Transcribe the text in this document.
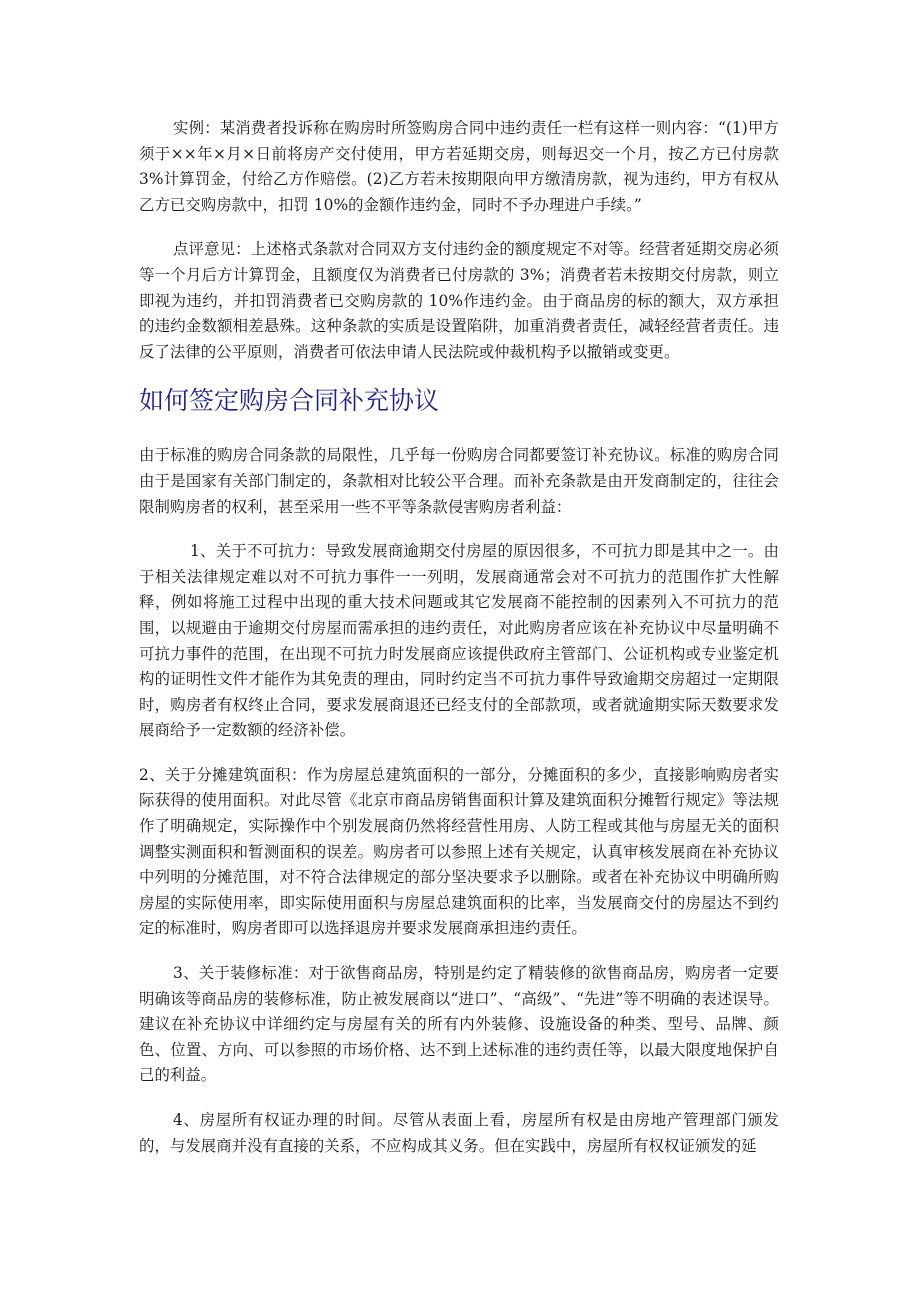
实例：某消费者投诉称在购房时所签购房合同中违约责任一栏有这样一则内容：“(1)甲方须于××年×月×日前将房产交付使用，甲方若延期交房，则每迟交一个月，按乙方已付房款 3%计算罚金，付给乙方作赔偿。(2)乙方若未按期限向甲方缴清房款，视为违约，甲方有权从乙方已交购房款中，扣罚 10%的金额作违约金，同时不予办理进户手续。”

点评意见：上述格式条款对合同双方支付违约金的额度规定不对等。经营者延期交房必须等一个月后方计算罚金，且额度仅为消费者已付房款的 3%；消费者若未按期交付房款，则立即视为违约，并扣罚消费者已交购房款的 10%作违约金。由于商品房的标的额大，双方承担的违约金数额相差悬殊。这种条款的实质是设置陷阱，加重消费者责任，减轻经营者责任。违反了法律的公平原则，消费者可依法申请人民法院或仲裁机构予以撤销或变更。

如何签定购房合同补充协议

由于标准的购房合同条款的局限性，几乎每一份购房合同都要签订补充协议。标准的购房合同由于是国家有关部门制定的，条款相对比较公平合理。而补充条款是由开发商制定的，往往会限制购房者的权利，甚至采用一些不平等条款侵害购房者利益：

1、关于不可抗力：导致发展商逾期交付房屋的原因很多，不可抗力即是其中之一。由于相关法律规定难以对不可抗力事件一一列明，发展商通常会对不可抗力的范围作扩大性解释，例如将施工过程中出现的重大技术问题或其它发展商不能控制的因素列入不可抗力的范围，以规避由于逾期交付房屋而需承担的违约责任，对此购房者应该在补充协议中尽量明确不可抗力事件的范围，在出现不可抗力时发展商应该提供政府主管部门、公证机构或专业鉴定机构的证明性文件才能作为其免责的理由，同时约定当不可抗力事件导致逾期交房超过一定期限时，购房者有权终止合同，要求发展商退还已经支付的全部款项，或者就逾期实际天数要求发展商给予一定数额的经济补偿。

2、关于分摊建筑面积：作为房屋总建筑面积的一部分，分摊面积的多少，直接影响购房者实际获得的使用面积。对此尽管《北京市商品房销售面积计算及建筑面积分摊暂行规定》等法规作了明确规定，实际操作中个别发展商仍然将经营性用房、人防工程或其他与房屋无关的面积调整实测面积和暂测面积的误差。购房者可以参照上述有关规定，认真审核发展商在补充协议中列明的分摊范围，对不符合法律规定的部分坚决要求予以删除。或者在补充协议中明确所购房屋的实际使用率，即实际使用面积与房屋总建筑面积的比率，当发展商交付的房屋达不到约定的标准时，购房者即可以选择退房并要求发展商承担违约责任。

3、关于装修标准：对于欲售商品房，特别是约定了精装修的欲售商品房，购房者一定要明确该等商品房的装修标准，防止被发展商以“进口”、“高级”、“先进”等不明确的表述误导。建议在补充协议中详细约定与房屋有关的所有内外装修、设施设备的种类、型号、品牌、颜色、位置、方向、可以参照的市场价格、达不到上述标准的违约责任等，以最大限度地保护自己的利益。

4、房屋所有权证办理的时间。尽管从表面上看，房屋所有权是由房地产管理部门颁发的，与发展商并没有直接的关系，不应构成其义务。但在实践中，房屋所有权权证颁发的延
